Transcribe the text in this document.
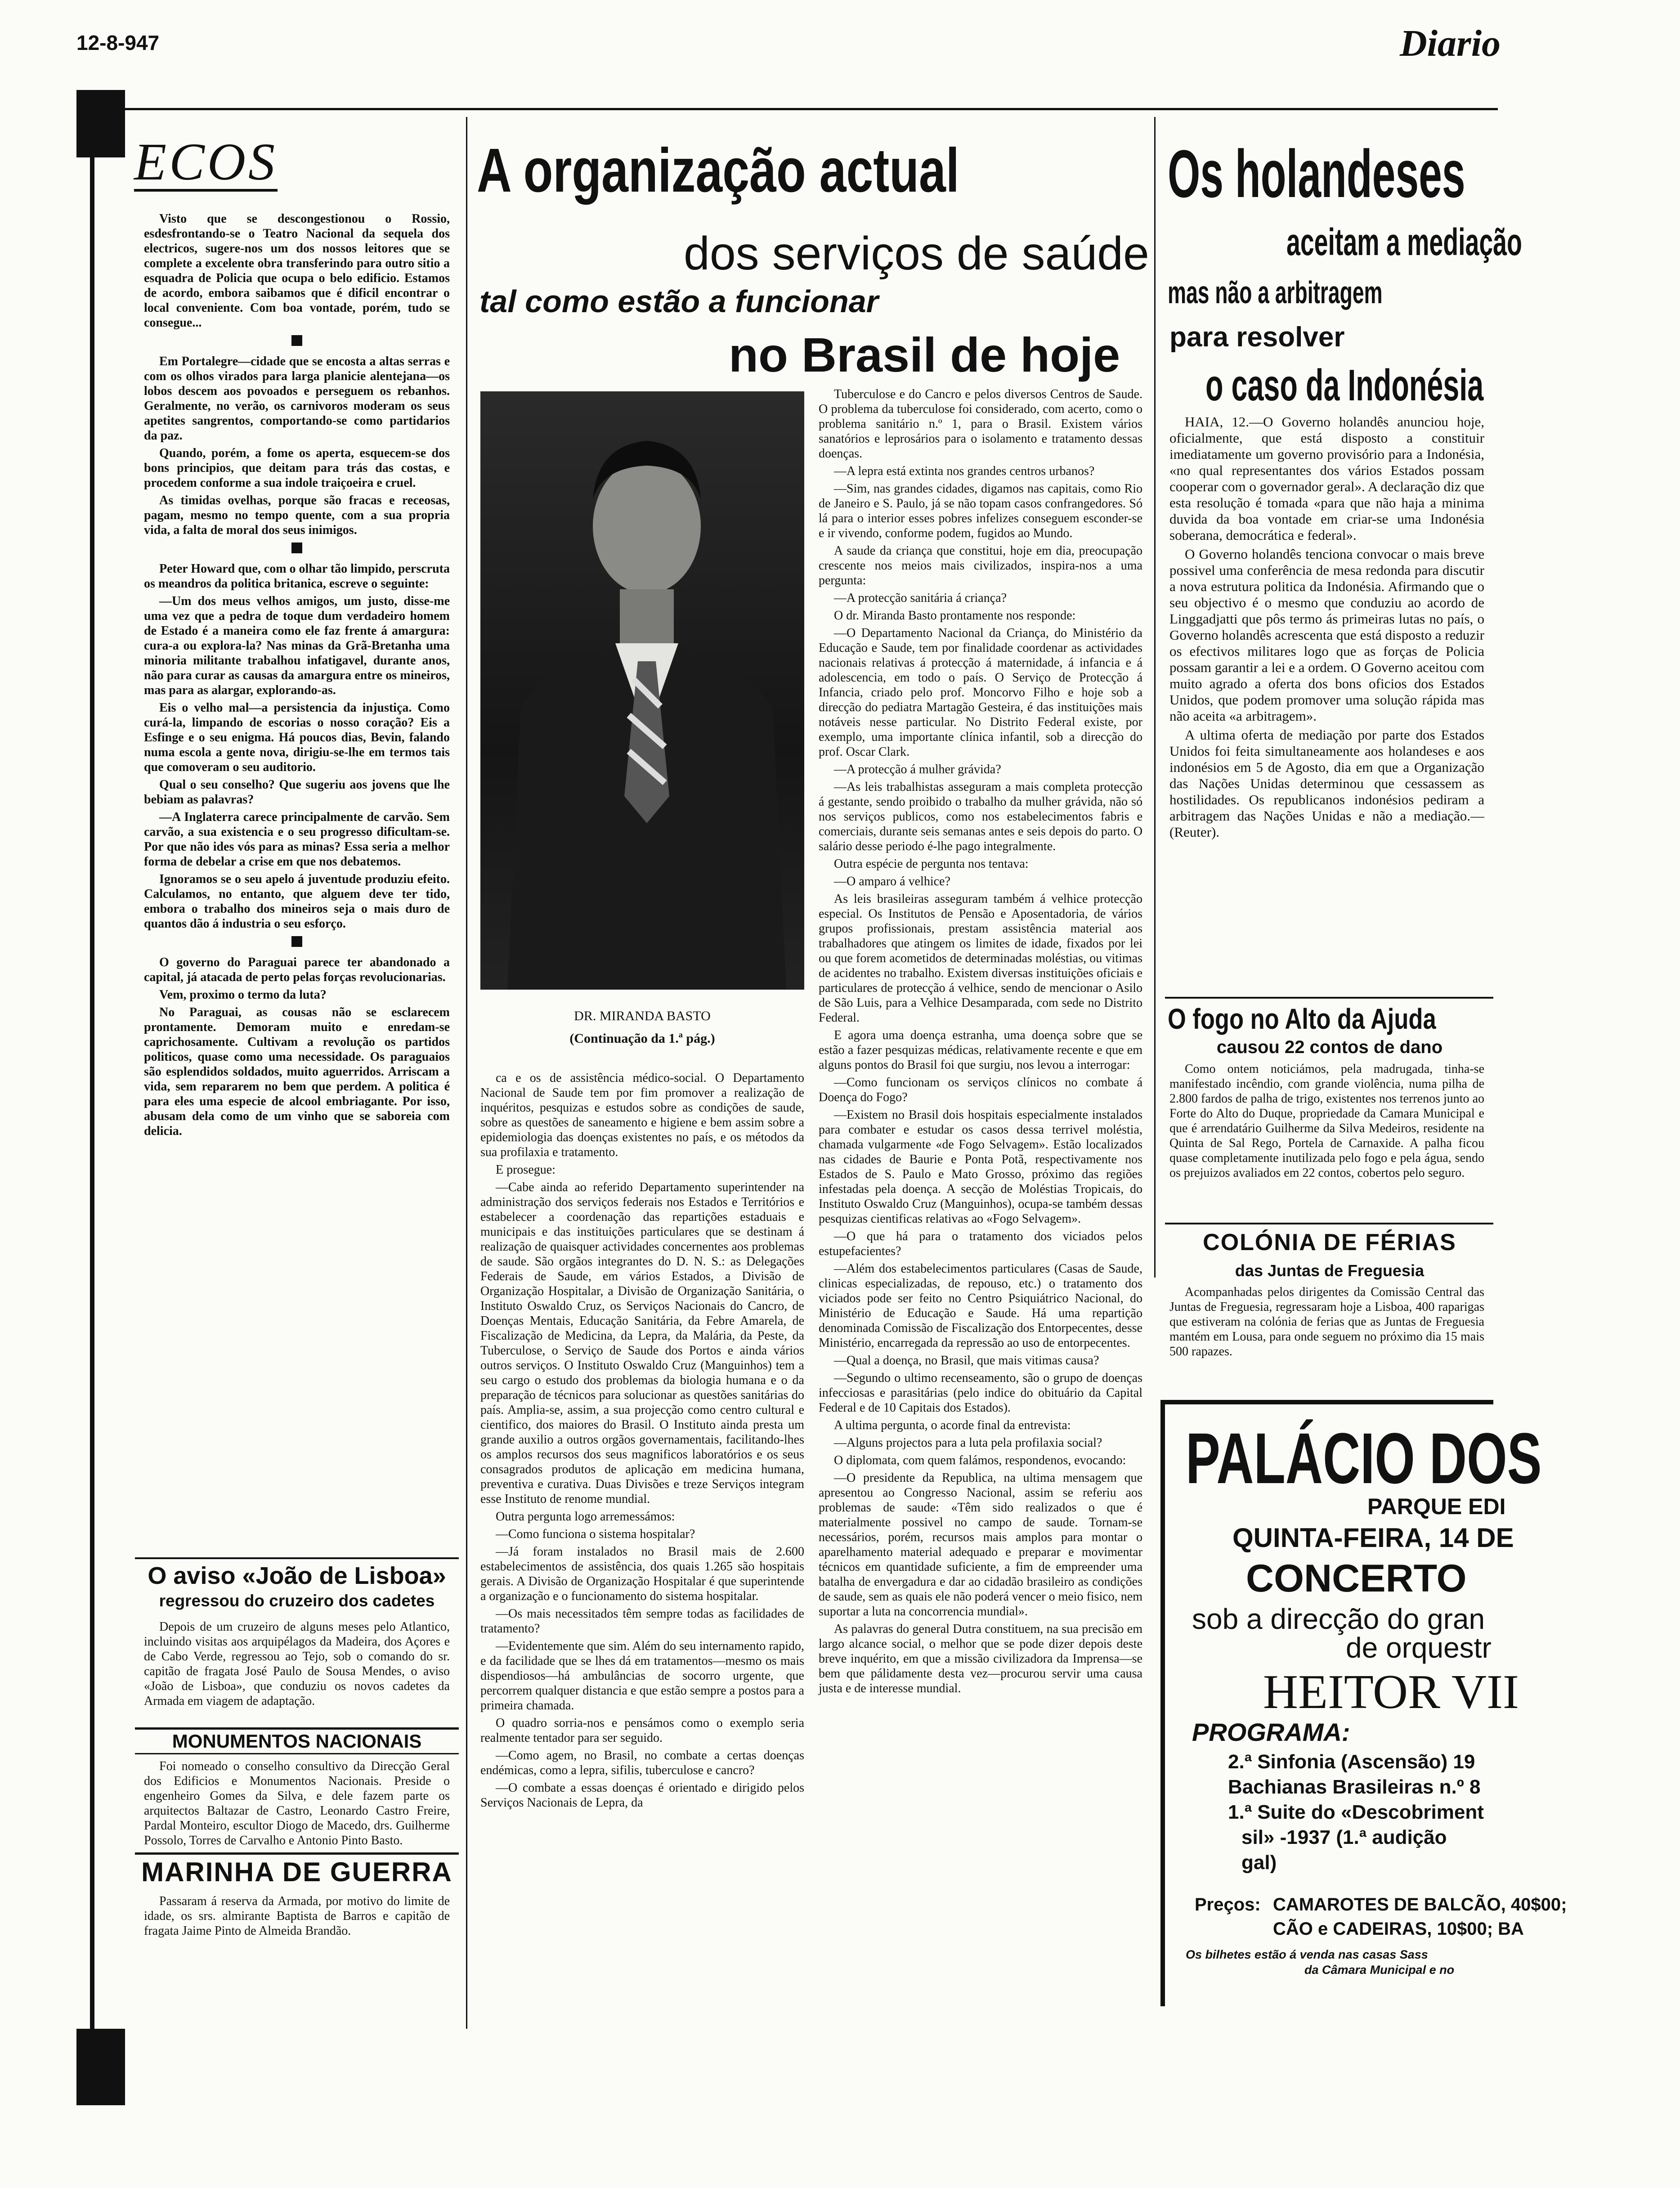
12-8-947	Diario
ECOS

Visto que se descongestionou o Rossio, esdesfrontando-se o Teatro Nacional da sequela dos electricos, sugere-nos um dos nossos leitores que se complete a excelente obra transferindo para outro sitio a esquadra de Policia que ocupa o belo edificio. Estamos de acordo, embora saibamos que é dificil encontrar o local conveniente. Com boa vontade, porém, tudo se consegue...

Em Portalegre—cidade que se encosta a altas serras e com os olhos virados para larga planicie alentejana—os lobos descem aos povoados e perseguem os rebanhos. Geralmente, no verão, os carnivoros moderam os seus apetites sangrentos, comportando-se como partidarios da paz.

Quando, porém, a fome os aperta, esquecem-se dos bons principios, que deitam para trás das costas, e procedem conforme a sua indole traiçoeira e cruel.

As timidas ovelhas, porque são fracas e receosas, pagam, mesmo no tempo quente, com a sua propria vida, a falta de moral dos seus inimigos.

Peter Howard que, com o olhar tão limpido, perscruta os meandros da politica britanica, escreve o seguinte:

—Um dos meus velhos amigos, um justo, disse-me uma vez que a pedra de toque dum verdadeiro homem de Estado é a maneira como ele faz frente á amargura: cura-a ou explora-la? Nas minas da Grã-Bretanha uma minoria militante trabalhou infatigavel, durante anos, não para curar as causas da amargura entre os mineiros, mas para as alargar, explorando-as.

Eis o velho mal—a persistencia da injustiça. Como curá-la, limpando de escorias o nosso coração? Eis a Esfinge e o seu enigma. Há poucos dias, Bevin, falando numa escola a gente nova, dirigiu-se-lhe em termos tais que comoveram o seu auditorio.

Qual o seu conselho? Que sugeriu aos jovens que lhe bebiam as palavras?

—A Inglaterra carece principalmente de carvão. Sem carvão, a sua existencia e o seu progresso dificultam-se. Por que não ides vós para as minas? Essa seria a melhor forma de debelar a crise em que nos debatemos.

Ignoramos se o seu apelo á juventude produziu efeito. Calculamos, no entanto, que alguem deve ter tido, embora o trabalho dos mineiros seja o mais duro de quantos dão á industria o seu esforço.

O governo do Paraguai parece ter abandonado a capital, já atacada de perto pelas forças revolucionarias.

Vem, proximo o termo da luta?

No Paraguai, as cousas não se esclarecem prontamente. Demoram muito e enredam-se caprichosamente. Cultivam a revolução os partidos politicos, quase como uma necessidade. Os paraguaios são esplendidos soldados, muito aguerridos. Arriscam a vida, sem repararem no bem que perdem. A politica é para eles uma especie de alcool embriagante. Por isso, abusam dela como de um vinho que se saboreia com delicia.

O aviso «João de Lisboa»
regressou do cruzeiro dos cadetes

Depois de um cruzeiro de alguns meses pelo Atlantico, incluindo visitas aos arquipélagos da Madeira, dos Açores e de Cabo Verde, regressou ao Tejo, sob o comando do sr. capitão de fragata José Paulo de Sousa Mendes, o aviso «João de Lisboa», que conduziu os novos cadetes da Armada em viagem de adaptação.

MONUMENTOS NACIONAIS

Foi nomeado o conselho consultivo da Direcção Geral dos Edificios e Monumentos Nacionais. Preside o engenheiro Gomes da Silva, e dele fazem parte os arquitectos Baltazar de Castro, Leonardo Castro Freire, Pardal Monteiro, escultor Diogo de Macedo, drs. Guilherme Possolo, Torres de Carvalho e Antonio Pinto Basto.

MARINHA DE GUERRA

Passaram á reserva da Armada, por motivo do limite de idade, os srs. almirante Baptista de Barros e capitão de fragata Jaime Pinto de Almeida Brandão.

A organização actual
dos serviços de saúde
tal como estão a funcionar
no Brasil de hoje
DR. MIRANDA BASTO
(Continuação da 1.ª pág.)

Tuberculose e do Cancro e pelos diversos Centros de Saude. O problema da tuberculose foi considerado, com acerto, como o problema sanitário n.º 1, para o Brasil. Existem vários sanatórios e leprosários para o isolamento e tratamento dessas doenças.

—A lepra está extinta nos grandes centros urbanos?

—Sim, nas grandes cidades, digamos nas capitais, como Rio de Janeiro e S. Paulo, já se não topam casos confrangedores. Só lá para o interior esses pobres infelizes conseguem esconder-se e ir vivendo, conforme podem, fugidos ao Mundo.

A saude da criança que constitui, hoje em dia, preocupação crescente nos meios mais civilizados, inspira-nos a uma pergunta:

—A protecção sanitária á criança?

O dr. Miranda Basto prontamente nos responde:

—O Departamento Nacional da Criança, do Ministério da Educação e Saude, tem por finalidade coordenar as actividades nacionais relativas á protecção á maternidade, á infancia e á adolescencia, em todo o país. O Serviço de Protecção á Infancia, criado pelo prof. Moncorvo Filho e hoje sob a direcção do pediatra Martagão Gesteira, é das instituições mais notáveis nesse particular. No Distrito Federal existe, por exemplo, uma importante clínica infantil, sob a direcção do prof. Oscar Clark.

—A protecção á mulher grávida?

—As leis trabalhistas asseguram a mais completa protecção á gestante, sendo proibido o trabalho da mulher grávida, não só nos serviços publicos, como nos estabelecimentos fabris e comerciais, durante seis semanas antes e seis depois do parto. O salário desse periodo é-lhe pago integralmente.

Outra espécie de pergunta nos tentava:

—O amparo á velhice?

As leis brasileiras asseguram também á velhice protecção especial. Os Institutos de Pensão e Aposentadoria, de vários grupos profissionais, prestam assistência material aos trabalhadores que atingem os limites de idade, fixados por lei ou que forem acometidos de determinadas moléstias, ou vitimas de acidentes no trabalho. Existem diversas instituições oficiais e particulares de protecção á velhice, sendo de mencionar o Asilo de São Luis, para a Velhice Desamparada, com sede no Distrito Federal.

E agora uma doença estranha, uma doença sobre que se estão a fazer pesquizas médicas, relativamente recente e que em alguns pontos do Brasil foi que surgiu, nos levou a interrogar:

—Como funcionam os serviços clínicos no combate á Doença do Fogo?

—Existem no Brasil dois hospitais especialmente instalados para combater e estudar os casos dessa terrivel moléstia, chamada vulgarmente «de Fogo Selvagem». Estão localizados nas cidades de Baurie e Ponta Potã, respectivamente nos Estados de S. Paulo e Mato Grosso, próximo das regiões infestadas pela doença. A secção de Moléstias Tropicais, do Instituto Oswaldo Cruz (Manguinhos), ocupa-se também dessas pesquizas cientificas relativas ao «Fogo Selvagem».

—O que há para o tratamento dos viciados pelos estupefacientes?

—Além dos estabelecimentos particulares (Casas de Saude, clinicas especializadas, de repouso, etc.) o tratamento dos viciados pode ser feito no Centro Psiquiátrico Nacional, do Ministério de Educação e Saude. Há uma repartição denominada Comissão de Fiscalização dos Entorpecentes, desse Ministério, encarregada da repressão ao uso de entorpecentes.

—Qual a doença, no Brasil, que mais vitimas causa?

—Segundo o ultimo recenseamento, são o grupo de doenças infecciosas e parasitárias (pelo indice do obituário da Capital Federal e de 10 Capitais dos Estados).

A ultima pergunta, o acorde final da entrevista:

—Alguns projectos para a luta pela profilaxia social?

O diplomata, com quem falámos, respondenos, evocando:

—O presidente da Republica, na ultima mensagem que apresentou ao Congresso Nacional, assim se referiu aos problemas de saude: «Têm sido realizados o que é materialmente possivel no campo de saude. Tornam-se necessários, porém, recursos mais amplos para montar o aparelhamento material adequado e preparar e movimentar técnicos em quantidade suficiente, a fim de empreender uma batalha de envergadura e dar ao cidadão brasileiro as condições de saude, sem as quais ele não poderá vencer o meio fisico, nem suportar a luta na concorrencia mundial».

As palavras do general Dutra constituem, na sua precisão em largo alcance social, o melhor que se pode dizer depois deste breve inquérito, em que a missão civilizadora da Imprensa—se bem que pálidamente desta vez—procurou servir uma causa justa e de interesse mundial.

ca e os de assistência médico-social. O Departamento Nacional de Saude tem por fim promover a realização de inquéritos, pesquizas e estudos sobre as condições de saude, sobre as questões de saneamento e higiene e bem assim sobre a epidemiologia das doenças existentes no país, e os métodos da sua profilaxia e tratamento.

E prosegue:

—Cabe ainda ao referido Departamento superintender na administração dos serviços federais nos Estados e Territórios e estabelecer a coordenação das repartições estaduais e municipais e das instituições particulares que se destinam á realização de quaisquer actividades concernentes aos problemas de saude. São orgãos integrantes do D. N. S.: as Delegações Federais de Saude, em vários Estados, a Divisão de Organização Hospitalar, a Divisão de Organização Sanitária, o Instituto Oswaldo Cruz, os Serviços Nacionais do Cancro, de Doenças Mentais, Educação Sanitária, da Febre Amarela, de Fiscalização de Medicina, da Lepra, da Malária, da Peste, da Tuberculose, o Serviço de Saude dos Portos e ainda vários outros serviços. O Instituto Oswaldo Cruz (Manguinhos) tem a seu cargo o estudo dos problemas da biologia humana e o da preparação de técnicos para solucionar as questões sanitárias do país. Amplia-se, assim, a sua projecção como centro cultural e cientifico, dos maiores do Brasil. O Instituto ainda presta um grande auxilio a outros orgãos governamentais, facilitando-lhes os amplos recursos dos seus magnificos laboratórios e os seus consagrados produtos de aplicação em medicina humana, preventiva e curativa. Duas Divisões e treze Serviços integram esse Instituto de renome mundial.

Outra pergunta logo arremessámos:

—Como funciona o sistema hospitalar?

—Já foram instalados no Brasil mais de 2.600 estabelecimentos de assistência, dos quais 1.265 são hospitais gerais. A Divisão de Organização Hospitalar é que superintende a organização e o funcionamento do sistema hospitalar.

—Os mais necessitados têm sempre todas as facilidades de tratamento?

—Evidentemente que sim. Além do seu internamento rapido, e da facilidade que se lhes dá em tratamentos—mesmo os mais dispendiosos—há ambulâncias de socorro urgente, que percorrem qualquer distancia e que estão sempre a postos para a primeira chamada.

O quadro sorria-nos e pensámos como o exemplo seria realmente tentador para ser seguido.

—Como agem, no Brasil, no combate a certas doenças endémicas, como a lepra, sifilis, tuberculose e cancro?

—O combate a essas doenças é orientado e dirigido pelos Serviços Nacionais de Lepra, da

Os holandeses
aceitam a mediação
mas não a arbitragem
para resolver
o caso da Indonésia

HAIA, 12.—O Governo holandês anunciou hoje, oficialmente, que está disposto a constituir imediatamente um governo provisório para a Indonésia, «no qual representantes dos vários Estados possam cooperar com o governador geral». A declaração diz que esta resolução é tomada «para que não haja a minima duvida da boa vontade em criar-se uma Indonésia soberana, democrática e federal».

O Governo holandês tenciona convocar o mais breve possivel uma conferência de mesa redonda para discutir a nova estrutura politica da Indonésia. Afirmando que o seu objectivo é o mesmo que conduziu ao acordo de Linggadjatti que pôs termo ás primeiras lutas no país, o Governo holandês acrescenta que está disposto a reduzir os efectivos militares logo que as forças de Policia possam garantir a lei e a ordem. O Governo aceitou com muito agrado a oferta dos bons oficios dos Estados Unidos, que podem promover uma solução rápida mas não aceita «a arbitragem».

A ultima oferta de mediação por parte dos Estados Unidos foi feita simultaneamente aos holandeses e aos indonésios em 5 de Agosto, dia em que a Organização das Nações Unidas determinou que cessassem as hostilidades. Os republicanos indonésios pediram a arbitragem das Nações Unidas e não a mediação.—(Reuter).

O fogo no Alto da Ajuda
causou 22 contos de dano

Como ontem noticiámos, pela madrugada, tinha-se manifestado incêndio, com grande violência, numa pilha de 2.800 fardos de palha de trigo, existentes nos terrenos junto ao Forte do Alto do Duque, propriedade da Camara Municipal e que é arrendatário Guilherme da Silva Medeiros, residente na Quinta de Sal Rego, Portela de Carnaxide. A palha ficou quase completamente inutilizada pelo fogo e pela água, sendo os prejuizos avaliados em 22 contos, cobertos pelo seguro.

COLÓNIA DE FÉRIAS
das Juntas de Freguesia

Acompanhadas pelos dirigentes da Comissão Central das Juntas de Freguesia, regressaram hoje a Lisboa, 400 raparigas que estiveram na colónia de ferias que as Juntas de Freguesia mantém em Lousa, para onde seguem no próximo dia 15 mais 500 rapazes.

PALÁCIO DOS
PARQUE EDI
QUINTA-FEIRA, 14 DE
CONCERTO
sob a direcção do gran
de orquestr
HEITOR VII
PROGRAMA:
2.ª Sinfonia (Ascensão) 19
Bachianas Brasileiras n.º 8
1.ª Suite do «Descobriment
sil» -1937 (1.ª audição
gal)
Preços: CAMAROTES DE BALCÃO, 40$00;
CÃO e CADEIRAS, 10$00; BA
Os bilhetes estão á venda nas casas Sass
da Câmara Municipal e no
